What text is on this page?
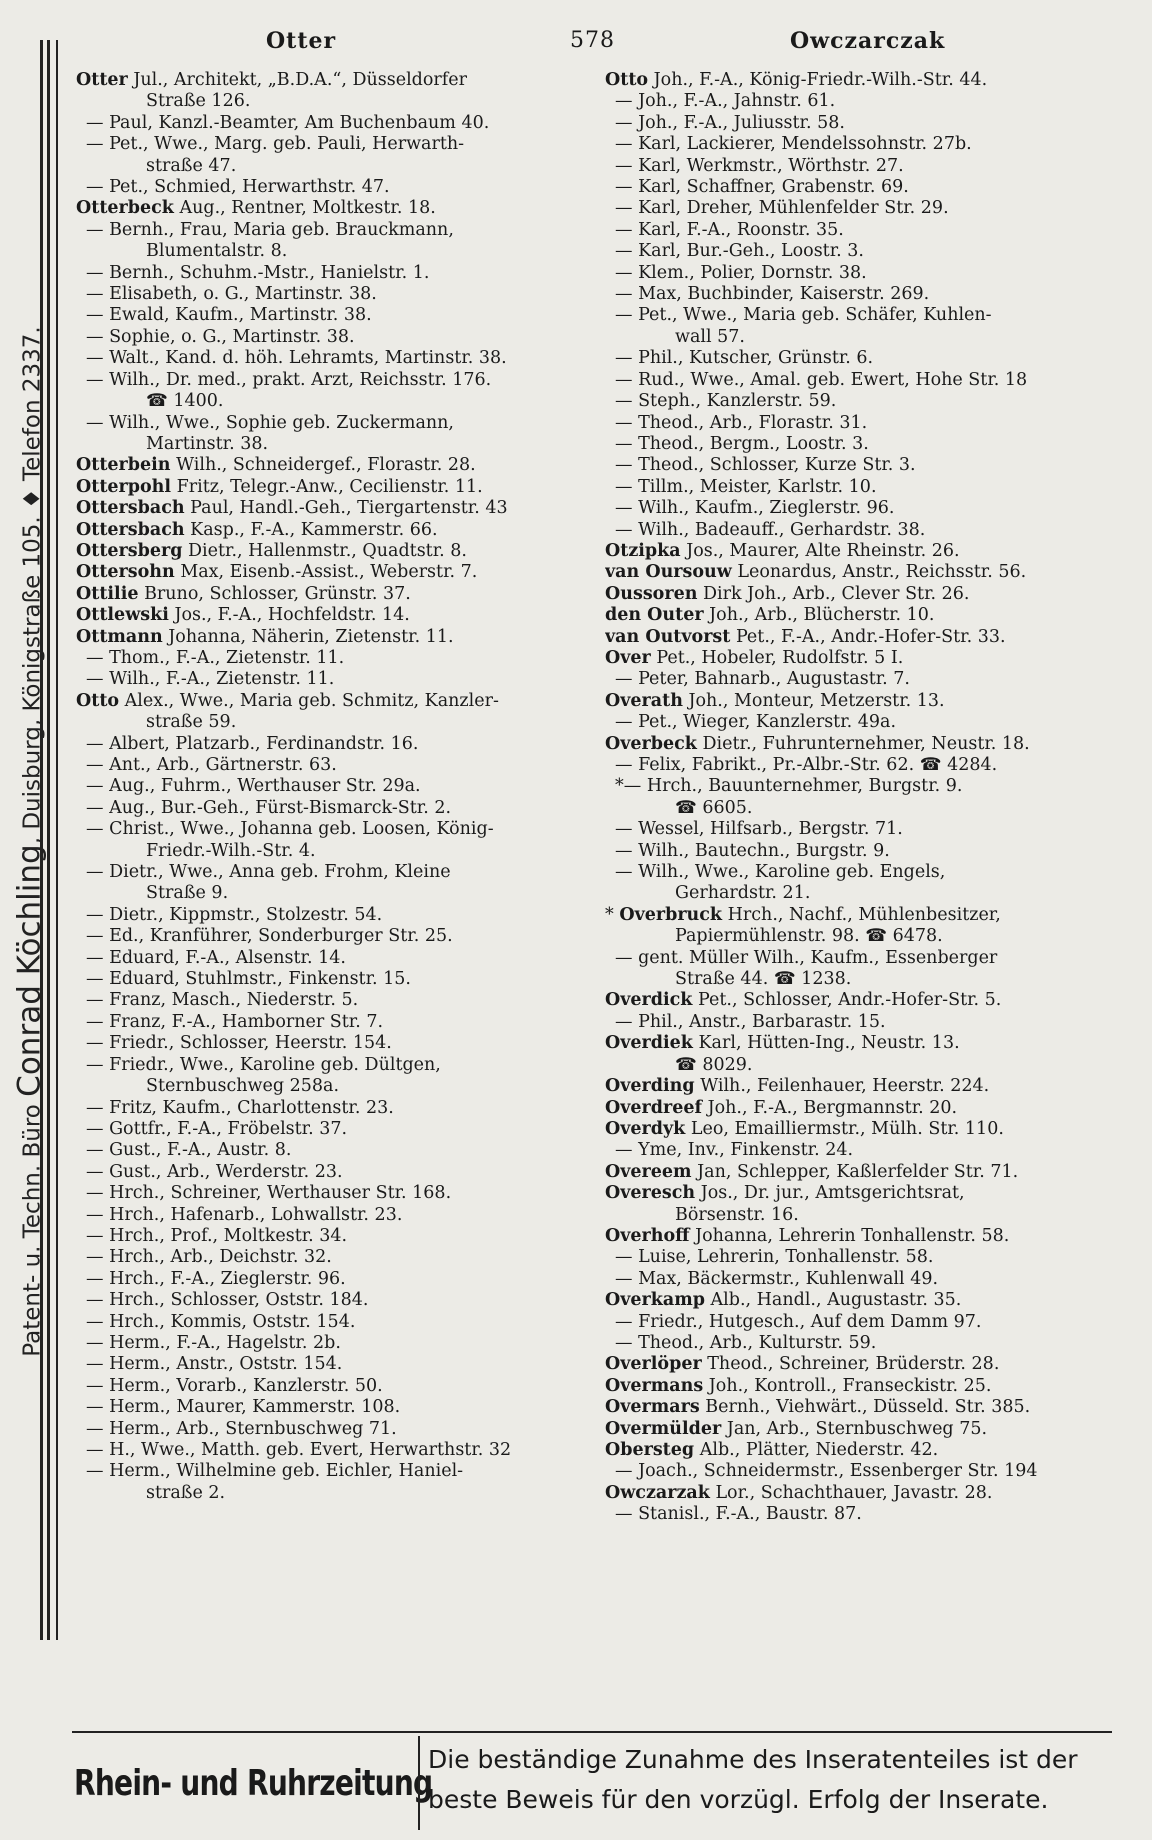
Patent- u. Techn. Büro Conrad Köchling, Duisburg, Königstraße 105. ♦ Telefon 2337.
Otter	578	Owczarczak
Otter Jul., Architekt, „B.D.A.“, Düsseldorfer
Straße 126.
— Paul, Kanzl.-Beamter, Am Buchenbaum 40.
— Pet., Wwe., Marg. geb. Pauli, Herwarth-
straße 47.
— Pet., Schmied, Herwarthstr. 47.
Otterbeck Aug., Rentner, Moltkestr. 18.
— Bernh., Frau, Maria geb. Brauckmann,
Blumentalstr. 8.
— Bernh., Schuhm.-Mstr., Hanielstr. 1.
— Elisabeth, o. G., Martinstr. 38.
— Ewald, Kaufm., Martinstr. 38.
— Sophie, o. G., Martinstr. 38.
— Walt., Kand. d. höh. Lehramts, Martinstr. 38.
— Wilh., Dr. med., prakt. Arzt, Reichsstr. 176.
☎ 1400.
— Wilh., Wwe., Sophie geb. Zuckermann,
Martinstr. 38.
Otterbein Wilh., Schneidergef., Florastr. 28.
Otterpohl Fritz, Telegr.-Anw., Cecilienstr. 11.
Ottersbach Paul, Handl.-Geh., Tiergartenstr. 43
Ottersbach Kasp., F.-A., Kammerstr. 66.
Ottersberg Dietr., Hallenmstr., Quadtstr. 8.
Ottersohn Max, Eisenb.-Assist., Weberstr. 7.
Ottilie Bruno, Schlosser, Grünstr. 37.
Ottlewski Jos., F.-A., Hochfeldstr. 14.
Ottmann Johanna, Näherin, Zietenstr. 11.
— Thom., F.-A., Zietenstr. 11.
— Wilh., F.-A., Zietenstr. 11.
Otto Alex., Wwe., Maria geb. Schmitz, Kanzler-
straße 59.
— Albert, Platzarb., Ferdinandstr. 16.
— Ant., Arb., Gärtnerstr. 63.
— Aug., Fuhrm., Werthauser Str. 29a.
— Aug., Bur.-Geh., Fürst-Bismarck-Str. 2.
— Christ., Wwe., Johanna geb. Loosen, König-
Friedr.-Wilh.-Str. 4.
— Dietr., Wwe., Anna geb. Frohm, Kleine
Straße 9.
— Dietr., Kippmstr., Stolzestr. 54.
— Ed., Kranführer, Sonderburger Str. 25.
— Eduard, F.-A., Alsenstr. 14.
— Eduard, Stuhlmstr., Finkenstr. 15.
— Franz, Masch., Niederstr. 5.
— Franz, F.-A., Hamborner Str. 7.
— Friedr., Schlosser, Heerstr. 154.
— Friedr., Wwe., Karoline geb. Dültgen,
Sternbuschweg 258a.
— Fritz, Kaufm., Charlottenstr. 23.
— Gottfr., F.-A., Fröbelstr. 37.
— Gust., F.-A., Austr. 8.
— Gust., Arb., Werderstr. 23.
— Hrch., Schreiner, Werthauser Str. 168.
— Hrch., Hafenarb., Lohwallstr. 23.
— Hrch., Prof., Moltkestr. 34.
— Hrch., Arb., Deichstr. 32.
— Hrch., F.-A., Zieglerstr. 96.
— Hrch., Schlosser, Oststr. 184.
— Hrch., Kommis, Oststr. 154.
— Herm., F.-A., Hagelstr. 2b.
— Herm., Anstr., Oststr. 154.
— Herm., Vorarb., Kanzlerstr. 50.
— Herm., Maurer, Kammerstr. 108.
— Herm., Arb., Sternbuschweg 71.
— H., Wwe., Matth. geb. Evert, Herwarthstr. 32
— Herm., Wilhelmine geb. Eichler, Haniel-
straße 2.
Otto Joh., F.-A., König-Friedr.-Wilh.-Str. 44.
— Joh., F.-A., Jahnstr. 61.
— Joh., F.-A., Juliusstr. 58.
— Karl, Lackierer, Mendelssohnstr. 27b.
— Karl, Werkmstr., Wörthstr. 27.
— Karl, Schaffner, Grabenstr. 69.
— Karl, Dreher, Mühlenfelder Str. 29.
— Karl, F.-A., Roonstr. 35.
— Karl, Bur.-Geh., Loostr. 3.
— Klem., Polier, Dornstr. 38.
— Max, Buchbinder, Kaiserstr. 269.
— Pet., Wwe., Maria geb. Schäfer, Kuhlen-
wall 57.
— Phil., Kutscher, Grünstr. 6.
— Rud., Wwe., Amal. geb. Ewert, Hohe Str. 18
— Steph., Kanzlerstr. 59.
— Theod., Arb., Florastr. 31.
— Theod., Bergm., Loostr. 3.
— Theod., Schlosser, Kurze Str. 3.
— Tillm., Meister, Karlstr. 10.
— Wilh., Kaufm., Zieglerstr. 96.
— Wilh., Badeauff., Gerhardstr. 38.
Otzipka Jos., Maurer, Alte Rheinstr. 26.
van Oursouw Leonardus, Anstr., Reichsstr. 56.
Oussoren Dirk Joh., Arb., Clever Str. 26.
den Outer Joh., Arb., Blücherstr. 10.
van Outvorst Pet., F.-A., Andr.-Hofer-Str. 33.
Over Pet., Hobeler, Rudolfstr. 5 I.
— Peter, Bahnarb., Augustastr. 7.
Overath Joh., Monteur, Metzerstr. 13.
— Pet., Wieger, Kanzlerstr. 49a.
Overbeck Dietr., Fuhrunternehmer, Neustr. 18.
— Felix, Fabrikt., Pr.-Albr.-Str. 62. ☎ 4284.
*— Hrch., Bauunternehmer, Burgstr. 9.
☎ 6605.
— Wessel, Hilfsarb., Bergstr. 71.
— Wilh., Bautechn., Burgstr. 9.
— Wilh., Wwe., Karoline geb. Engels,
Gerhardstr. 21.
* Overbruck Hrch., Nachf., Mühlenbesitzer,
Papiermühlenstr. 98. ☎ 6478.
— gent. Müller Wilh., Kaufm., Essenberger
Straße 44. ☎ 1238.
Overdick Pet., Schlosser, Andr.-Hofer-Str. 5.
— Phil., Anstr., Barbarastr. 15.
Overdiek Karl, Hütten-Ing., Neustr. 13.
☎ 8029.
Overding Wilh., Feilenhauer, Heerstr. 224.
Overdreef Joh., F.-A., Bergmannstr. 20.
Overdyk Leo, Emailliermstr., Mülh. Str. 110.
— Yme, Inv., Finkenstr. 24.
Overeem Jan, Schlepper, Kaßlerfelder Str. 71.
Overesch Jos., Dr. jur., Amtsgerichtsrat,
Börsenstr. 16.
Overhoff Johanna, Lehrerin Tonhallenstr. 58.
— Luise, Lehrerin, Tonhallenstr. 58.
— Max, Bäckermstr., Kuhlenwall 49.
Overkamp Alb., Handl., Augustastr. 35.
— Friedr., Hutgesch., Auf dem Damm 97.
— Theod., Arb., Kulturstr. 59.
Overlöper Theod., Schreiner, Brüderstr. 28.
Overmans Joh., Kontroll., Franseckistr. 25.
Overmars Bernh., Viehwärt., Düsseld. Str. 385.
Overmülder Jan, Arb., Sternbuschweg 75.
Obersteg Alb., Plätter, Niederstr. 42.
— Joach., Schneidermstr., Essenberger Str. 194
Owczarzak Lor., Schachthauer, Javastr. 28.
— Stanisl., F.-A., Baustr. 87.
Rhein- und Ruhrzeitung
Die beständige Zunahme des Inseratenteiles ist der
beste Beweis für den vorzügl. Erfolg der Inserate.
